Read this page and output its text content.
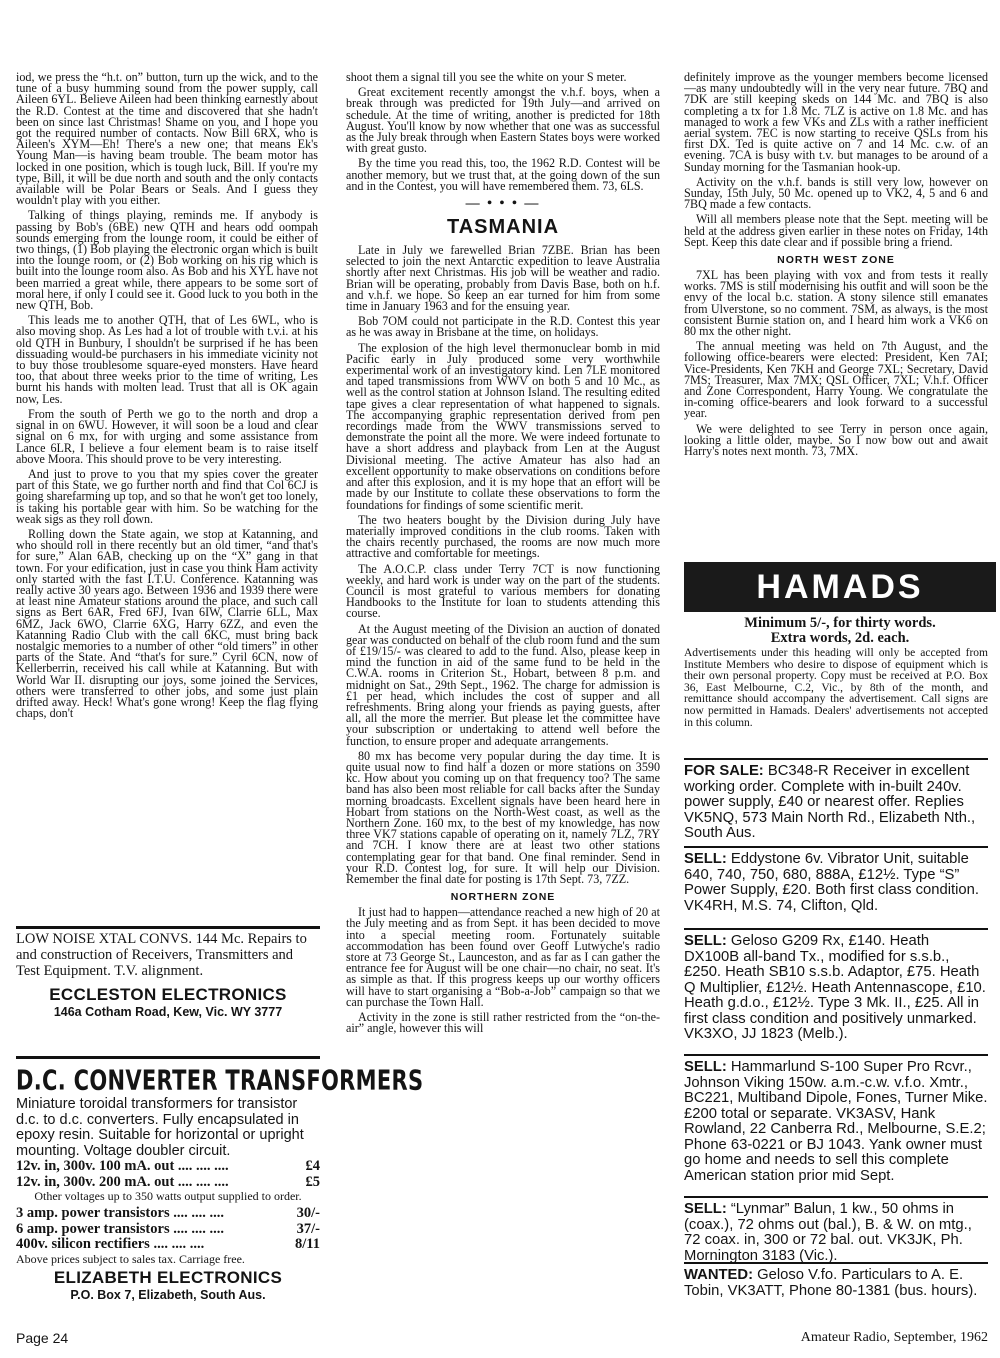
iod, we press the “h.t. on” button, turn up the wick, and to the tune of a busy humming sound from the power supply, call Aileen 6YL. Believe Aileen had been thinking earnestly about the R.D. Contest at the time and discovered that she hadn't been on since last Christmas! Shame on you, and I hope you got the required number of contacts. Now Bill 6RX, who is Aileen's XYM—Eh! There's a new one; that means Ek's Young Man—is having beam trouble. The beam motor has locked in one position, which is tough luck, Bill. If you're my type, Bill, it will be due north and south and the only contacts available will be Polar Bears or Seals. And I guess they wouldn't play with you either.

Talking of things playing, reminds me. If anybody is passing by Bob's (6BE) new QTH and hears odd oompah sounds emerging from the lounge room, it could be either of two things, (1) Bob playing the electronic organ which is built into the lounge room, or (2) Bob working on his rig which is built into the lounge room also. As Bob and his XYL have not been married a great while, there appears to be some sort of moral here, if only I could see it. Good luck to you both in the new QTH, Bob.

This leads me to another QTH, that of Les 6WL, who is also moving shop. As Les had a lot of trouble with t.v.i. at his old QTH in Bunbury, I shouldn't be surprised if he has been dissuading would-be purchasers in his immediate vicinity not to buy those troublesome square-eyed monsters. Have heard too, that about three weeks prior to the time of writing, Les burnt his hands with molten lead. Trust that all is OK again now, Les.

From the south of Perth we go to the north and drop a signal in on 6WU. However, it will soon be a loud and clear signal on 6 mx, for with urging and some assistance from Lance 6LR, I believe a four element beam is to raise itself above Moora. This should prove to be very interesting.

And just to prove to you that my spies cover the greater part of this State, we go further north and find that Col 6CJ is going sharefarming up top, and so that he won't get too lonely, is taking his portable gear with him. So be watching for the weak sigs as they roll down.

Rolling down the State again, we stop at Katanning, and who should roll in there recently but an old timer, “and that's for sure,” Alan 6AB, checking up on the “X” gang in that town. For your edification, just in case you think Ham activity only started with the fast I.T.U. Conference. Katanning was really active 30 years ago. Between 1936 and 1939 there were at least nine Amateur stations around the place, and such call signs as Bert 6AR, Fred 6FJ, Ivan 6IW, Clarrie 6LL, Max 6MZ, Jack 6WO, Clarrie 6XG, Harry 6ZZ, and even the Katanning Radio Club with the call 6KC, must bring back nostalgic memories to a number of other “old timers” in other parts of the State. And “that's for sure.” Cyril 6CN, now of Kellerberrin, received his call while at Katanning. But with World War II. disrupting our joys, some joined the Services, others were transferred to other jobs, and some just plain drifted away. Heck! What's gone wrong! Keep the flag flying chaps, don't

LOW NOISE XTAL CONVS. 144 Mc. Repairs to and construction of Receivers, Transmitters and Test Equipment. T.V. alignment.
ECCLESTON ELECTRONICS
146a Cotham Road, Kew, Vic. WY 3777
D.C. CONVERTER TRANSFORMERS
Miniature toroidal transformers for transistor d.c. to d.c. converters. Fully encapsulated in epoxy resin. Suitable for horizontal or upright mounting. Voltage doubler circuit.
12v. in, 300v. 100 mA. out .... .... ....	£4
12v. in, 300v. 200 mA. out .... .... ....	£5
Other voltages up to 350 watts output supplied to order.
3 amp. power transistors .... .... ....	30/-
6 amp. power transistors .... .... ....	37/-
400v. silicon rectifiers .... .... ....	8/11
Above prices subject to sales tax. Carriage free.
ELIZABETH ELECTRONICS
P.O. Box 7, Elizabeth, South Aus.

shoot them a signal till you see the white on your S meter.

Great excitement recently amongst the v.h.f. boys, when a break through was predicted for 19th July—and arrived on schedule. At the time of writing, another is predicted for 18th August. You'll know by now whether that one was as successful as the July break through when Eastern States boys were worked with great gusto.

By the time you read this, too, the 1962 R.D. Contest will be another memory, but we trust that, at the going down of the sun and in the Contest, you will have remembered them. 73, 6LS.

— • • • —
TASMANIA

Late in July we farewelled Brian 7ZBE. Brian has been selected to join the next Antarctic expedition to leave Australia shortly after next Christmas. His job will be weather and radio. Brian will be operating, probably from Davis Base, both on h.f. and v.h.f. we hope. So keep an ear turned for him from some time in January 1963 and for the ensuing year.

Bob 7OM could not participate in the R.D. Contest this year as he was away in Brisbane at the time, on holidays.

The explosion of the high level thermonuclear bomb in mid Pacific early in July produced some very worthwhile experimental work of an investigatory kind. Len 7LE monitored and taped transmissions from WWV on both 5 and 10 Mc., as well as the control station at Johnson Island. The resulting edited tape gives a clear representation of what happened to signals. The accompanying graphic representation derived from pen recordings made from the WWV transmissions served to demonstrate the point all the more. We were indeed fortunate to have a short address and playback from Len at the August Divisional meeting. The active Amateur has also had an excellent opportunity to make observations on conditions before and after this explosion, and it is my hope that an effort will be made by our Institute to collate these observations to form the foundations for findings of some scientific merit.

The two heaters bought by the Division during July have materially improved conditions in the club rooms. Taken with the chairs recently purchased, the rooms are now much more attractive and comfortable for meetings.

The A.O.C.P. class under Terry 7CT is now functioning weekly, and hard work is under way on the part of the students. Council is most grateful to various members for donating Handbooks to the Institute for loan to students attending this course.

At the August meeting of the Division an auction of donated gear was conducted on behalf of the club room fund and the sum of £19/15/- was cleared to add to the fund. Also, please keep in mind the function in aid of the same fund to be held in the C.W.A. rooms in Criterion St., Hobart, between 8 p.m. and midnight on Sat., 29th Sept., 1962. The charge for admission is £1 per head, which includes the cost of supper and all refreshments. Bring along your friends as paying guests, after all, all the more the merrier. But please let the committee have your subscription or undertaking to attend well before the function, to ensure proper and adequate arrangements.

80 mx has become very popular during the day time. It is quite usual now to find half a dozen or more stations on 3590 kc. How about you coming up on that frequency too? The same band has also been most reliable for call backs after the Sunday morning broadcasts. Excellent signals have been heard here in Hobart from stations on the North-West coast, as well as the Northern Zone. 160 mx, to the best of my knowledge, has now three VK7 stations capable of operating on it, namely 7LZ, 7RY and 7CH. I know there are at least two other stations contemplating gear for that band. One final reminder. Send in your R.D. Contest log, for sure. It will help our Division. Remember the final date for posting is 17th Sept. 73, 7ZZ.

NORTHERN ZONE

It just had to happen—attendance reached a new high of 20 at the July meeting and as from Sept. it has been decided to move into a special meeting room. Fortunately suitable accommodation has been found over Geoff Lutwyche's radio store at 73 George St., Launceston, and as far as I can gather the entrance fee for August will be one chair—no chair, no seat. It's as simple as that. If this progress keeps up our worthy officers will have to start organising a “Bob-a-Job” campaign so that we can purchase the Town Hall.

Activity in the zone is still rather restricted from the “on-the-air” angle, however this will

definitely improve as the younger members become licensed—as many undoubtedly will in the very near future. 7BQ and 7DK are still keeping skeds on 144 Mc. and 7BQ is also completing a tx for 1.8 Mc. 7LZ is active on 1.8 Mc. and has managed to work a few VKs and ZLs with a rather inefficient aerial system. 7EC is now starting to receive QSLs from his first DX. Ted is quite active on 7 and 14 Mc. c.w. of an evening. 7CA is busy with t.v. but manages to be around of a Sunday morning for the Tasmanian hook-up.

Activity on the v.h.f. bands is still very low, however on Sunday, 15th July, 50 Mc. opened up to VK2, 4, 5 and 6 and 7BQ made a few contacts.

Will all members please note that the Sept. meeting will be held at the address given earlier in these notes on Friday, 14th Sept. Keep this date clear and if possible bring a friend.

NORTH WEST ZONE

7XL has been playing with vox and from tests it really works. 7MS is still modernising his outfit and will soon be the envy of the local b.c. station. A stony silence still emanates from Ulverstone, so no comment. 7SM, as always, is the most consistent Burnie station on, and I heard him work a VK6 on 80 mx the other night.

The annual meeting was held on 7th August, and the following office-bearers were elected: President, Ken 7AI; Vice-Presidents, Ken 7KH and George 7XL; Secretary, David 7MS; Treasurer, Max 7MX; QSL Officer, 7XL; V.h.f. Officer and Zone Correspondent, Harry Young. We congratulate the in-coming office-bearers and look forward to a successful year.

We were delighted to see Terry in person once again, looking a little older, maybe. So I now bow out and await Harry's notes next month. 73, 7MX.

HAMADS
Minimum 5/-, for thirty words.
Extra words, 2d. each.
Advertisements under this heading will only be accepted from Institute Members who desire to dispose of equipment which is their own personal property. Copy must be received at P.O. Box 36, East Melbourne, C.2, Vic., by 8th of the month, and remittance should accompany the advertisement. Call signs are now permitted in Hamads. Dealers' advertisements not accepted in this column.
FOR SALE: BC348-R Receiver in excellent working order. Complete with in-built 240v. power supply, £40 or nearest offer. Replies VK5NQ, 573 Main North Rd., Elizabeth Nth., South Aus.
SELL: Eddystone 6v. Vibrator Unit, suitable 640, 740, 750, 680, 888A, £12½. Type “S” Power Supply, £20. Both first class condition. VK4RH, M.S. 74, Clifton, Qld.
SELL: Geloso G209 Rx, £140. Heath DX100B all-band Tx., modified for s.s.b., £250. Heath SB10 s.s.b. Adaptor, £75. Heath Q Multiplier, £12½. Heath Antennascope, £10. Heath g.d.o., £12½. Type 3 Mk. II., £25. All in first class condition and positively unmarked. VK3XO, JJ 1823 (Melb.).
SELL: Hammarlund S-100 Super Pro Rcvr., Johnson Viking 150w. a.m.-c.w. v.f.o. Xmtr., BC221, Multiband Dipole, Fones, Turner Mike. £200 total or separate. VK3ASV, Hank Rowland, 22 Canberra Rd., Melbourne, S.E.2; Phone 63-0221 or BJ 1043. Yank owner must go home and needs to sell this complete American station prior mid Sept.
SELL: “Lynmar” Balun, 1 kw., 50 ohms in (coax.), 72 ohms out (bal.), B. & W. on mtg., 72 coax. in, 300 or 72 bal. out. VK3JK, Ph. Mornington 3183 (Vic.).
WANTED: Geloso V.fo. Particulars to A. E. Tobin, VK3ATT, Phone 80-1381 (bus. hours).
Page 24	Amateur Radio, September, 1962
